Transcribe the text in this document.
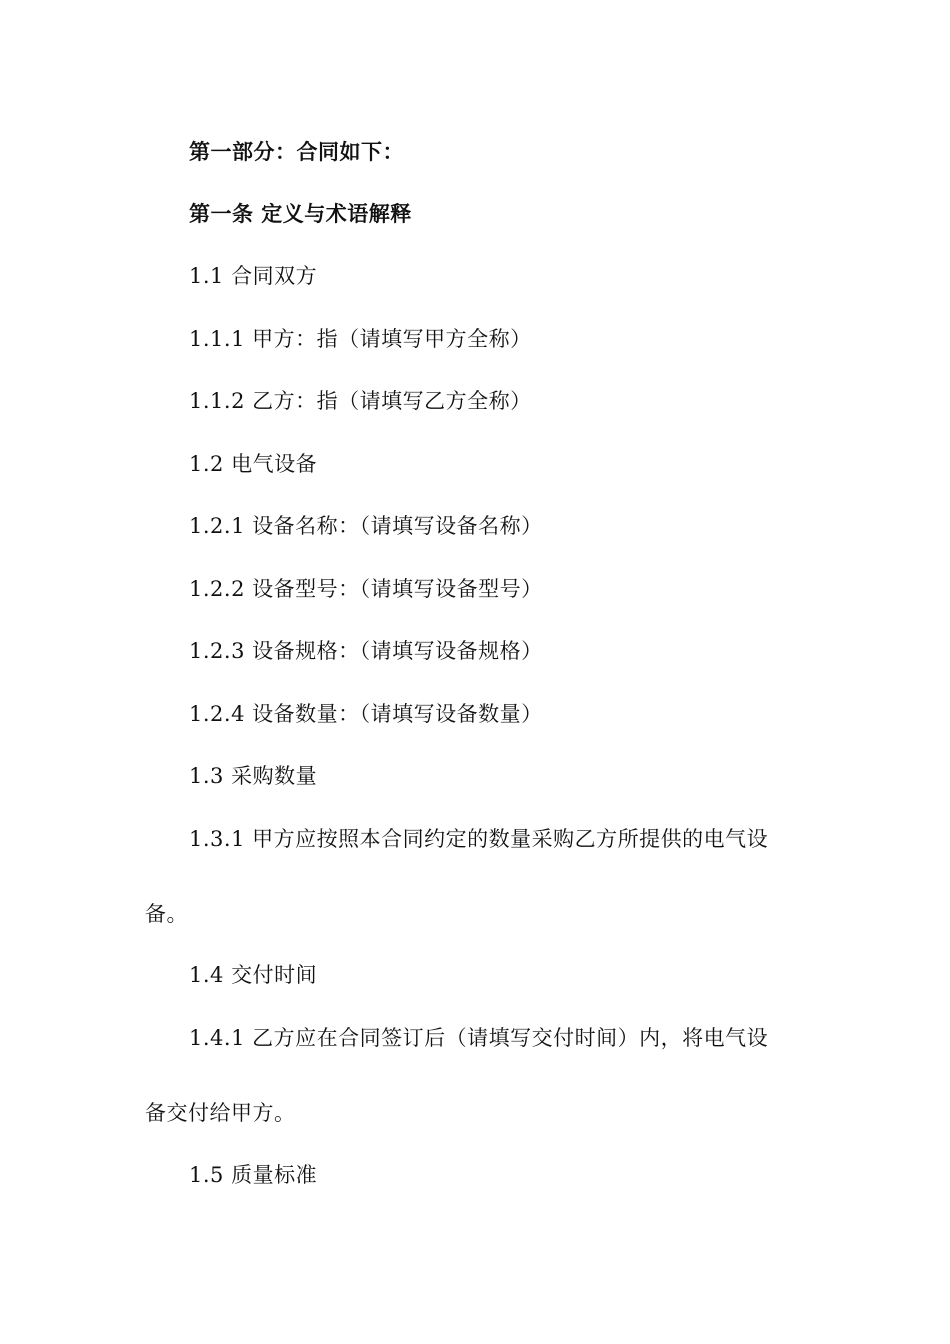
第一部分：合同如下：
第一条 定义与术语解释
1.1 合同双方
1.1.1 甲方：指（请填写甲方全称）
1.1.2 乙方：指（请填写乙方全称）
1.2 电气设备
1.2.1 设备名称：（请填写设备名称）
1.2.2 设备型号：（请填写设备型号）
1.2.3 设备规格：（请填写设备规格）
1.2.4 设备数量：（请填写设备数量）
1.3 采购数量
1.3.1 甲方应按照本合同约定的数量采购乙方所提供的电气设
备。
1.4 交付时间
1.4.1 乙方应在合同签订后（请填写交付时间）内，将电气设
备交付给甲方。
1.5 质量标准
